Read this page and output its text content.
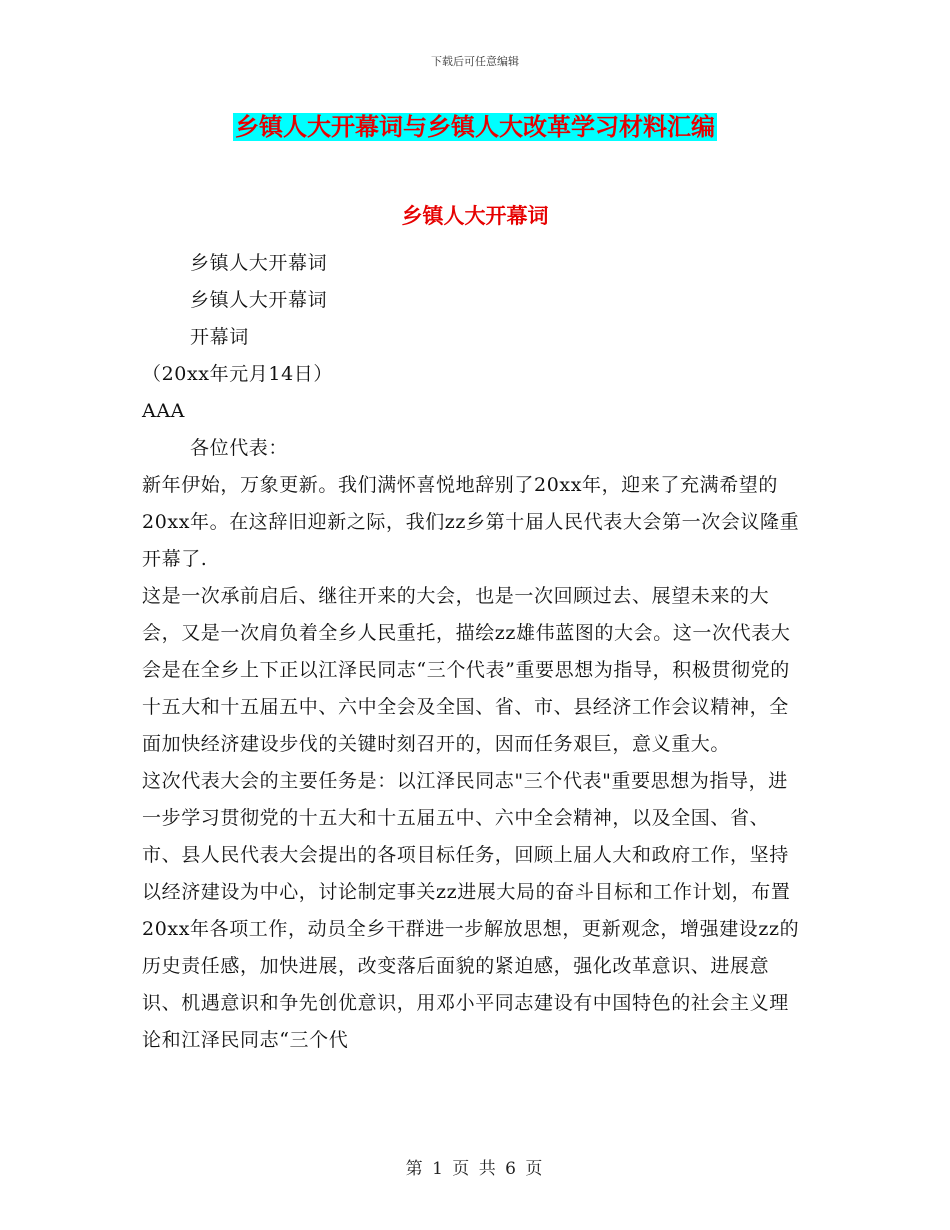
下载后可任意编辑
乡镇人大开幕词与乡镇人大改革学习材料汇编
乡镇人大开幕词

乡镇人大开幕词

乡镇人大开幕词

开幕词

（20xx年元月14日）

AAA

各位代表：

新年伊始，万象更新。我们满怀喜悦地辞别了20xx年，迎来了充满希望的20xx年。在这辞旧迎新之际，我们zz乡第十届人民代表大会第一次会议隆重开幕了.

这是一次承前启后、继往开来的大会，也是一次回顾过去、展望未来的大会，又是一次肩负着全乡人民重托，描绘zz雄伟蓝图的大会。这一次代表大会是在全乡上下正以江泽民同志“三个代表”重要思想为指导，积极贯彻党的十五大和十五届五中、六中全会及全国、省、市、县经济工作会议精神，全面加快经济建设步伐的关键时刻召开的，因而任务艰巨，意义重大。

这次代表大会的主要任务是：以江泽民同志"三个代表"重要思想为指导，进一步学习贯彻党的十五大和十五届五中、六中全会精神，以及全国、省、市、县人民代表大会提出的各项目标任务，回顾上届人大和政府工作，坚持以经济建设为中心，讨论制定事关zz进展大局的奋斗目标和工作计划，布置20xx年各项工作，动员全乡干群进一步解放思想，更新观念，增强建设zz的历史责任感，加快进展，改变落后面貌的紧迫感，强化改革意识、进展意识、机遇意识和争先创优意识，用邓小平同志建设有中国特色的社会主义理论和江泽民同志“三个代

第 1 页 共 6 页
